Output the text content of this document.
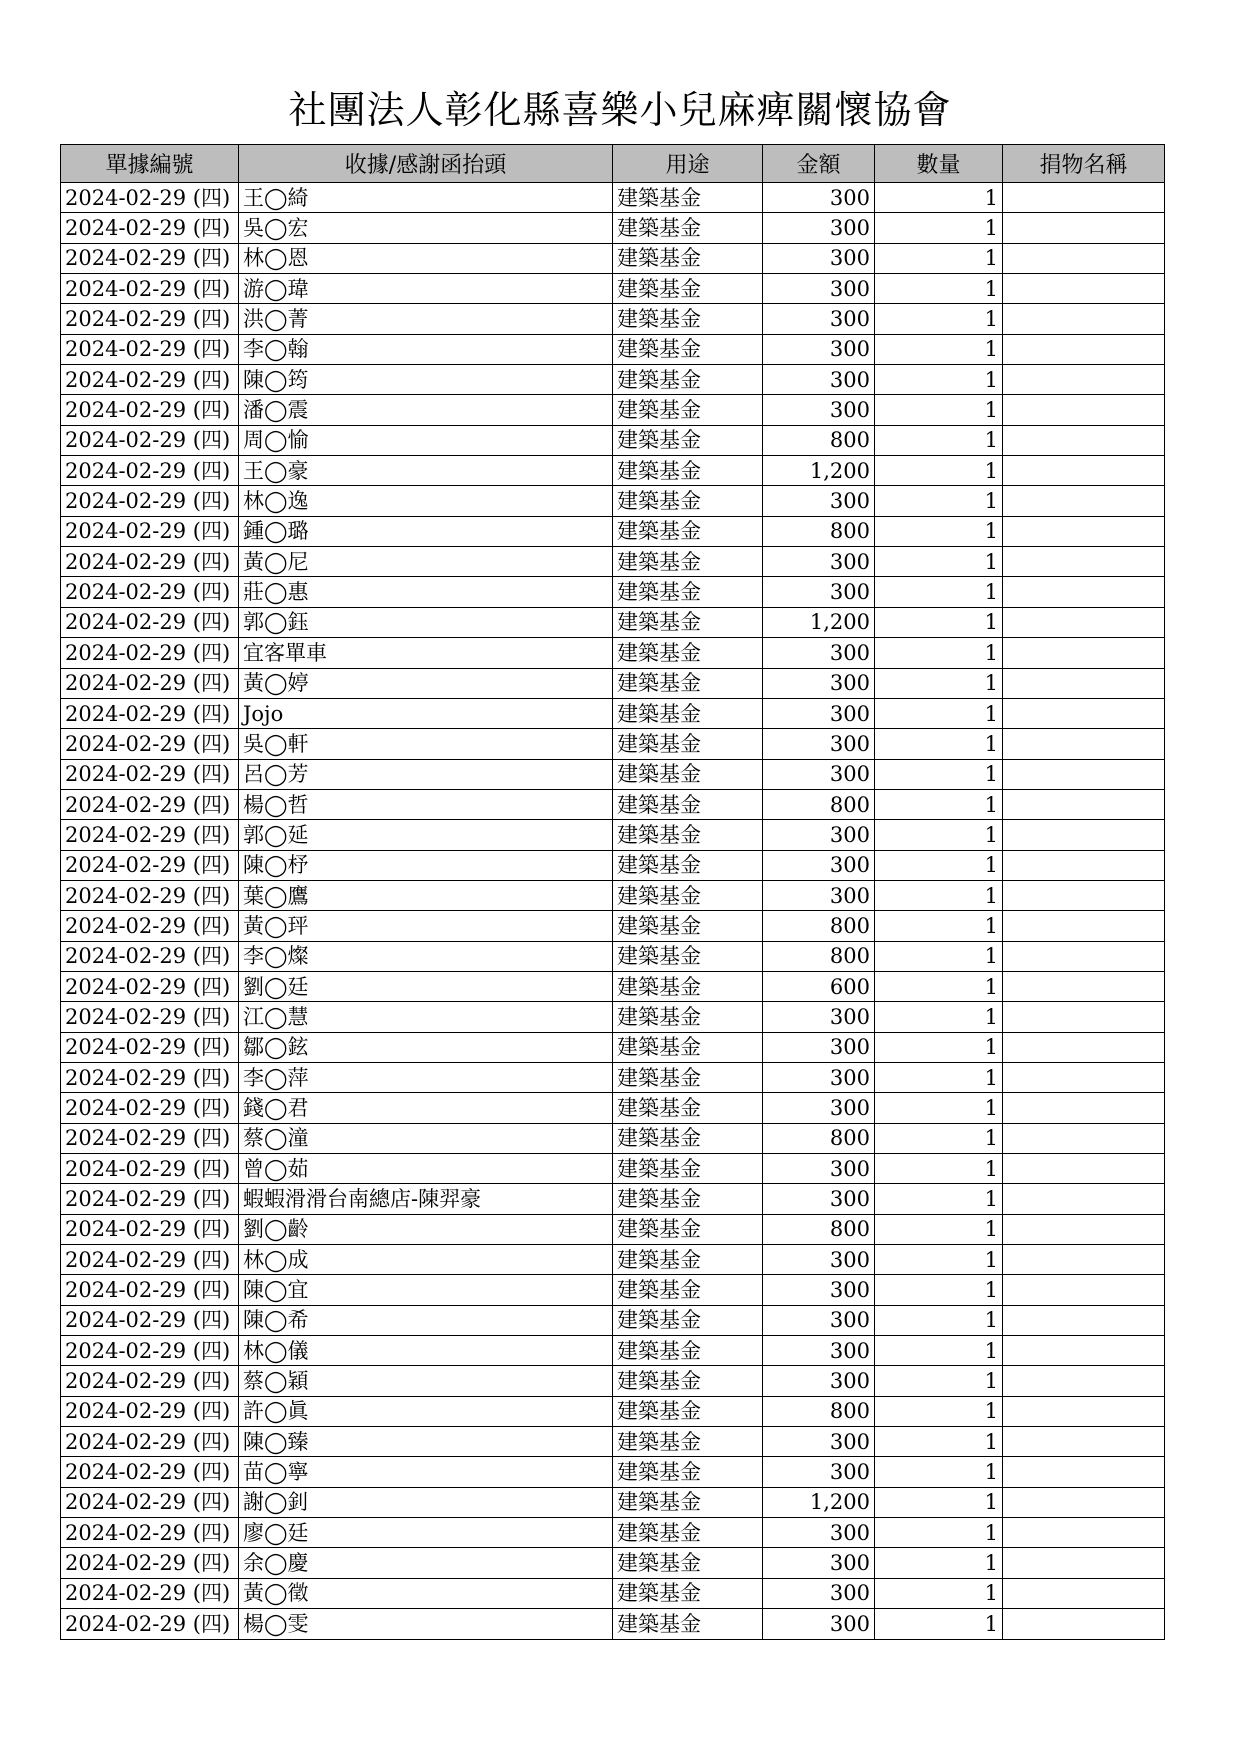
社團法人彰化縣喜樂小兒麻痺關懷協會
單據編號	收據/感謝函抬頭	用途	金額	數量	捐物名稱
2024-02-29 (四)	王◯綺	建築基金	300	1	
2024-02-29 (四)	吳◯宏	建築基金	300	1	
2024-02-29 (四)	林◯恩	建築基金	300	1	
2024-02-29 (四)	游◯瑋	建築基金	300	1	
2024-02-29 (四)	洪◯菁	建築基金	300	1	
2024-02-29 (四)	李◯翰	建築基金	300	1	
2024-02-29 (四)	陳◯筠	建築基金	300	1	
2024-02-29 (四)	潘◯震	建築基金	300	1	
2024-02-29 (四)	周◯愉	建築基金	800	1	
2024-02-29 (四)	王◯豪	建築基金	1,200	1	
2024-02-29 (四)	林◯逸	建築基金	300	1	
2024-02-29 (四)	鍾◯璐	建築基金	800	1	
2024-02-29 (四)	黃◯尼	建築基金	300	1	
2024-02-29 (四)	莊◯惠	建築基金	300	1	
2024-02-29 (四)	郭◯鈺	建築基金	1,200	1	
2024-02-29 (四)	宜客單車	建築基金	300	1	
2024-02-29 (四)	黃◯婷	建築基金	300	1	
2024-02-29 (四)	Jojo	建築基金	300	1	
2024-02-29 (四)	吳◯軒	建築基金	300	1	
2024-02-29 (四)	呂◯芳	建築基金	300	1	
2024-02-29 (四)	楊◯哲	建築基金	800	1	
2024-02-29 (四)	郭◯延	建築基金	300	1	
2024-02-29 (四)	陳◯杼	建築基金	300	1	
2024-02-29 (四)	葉◯鷹	建築基金	300	1	
2024-02-29 (四)	黃◯玶	建築基金	800	1	
2024-02-29 (四)	李◯燦	建築基金	800	1	
2024-02-29 (四)	劉◯廷	建築基金	600	1	
2024-02-29 (四)	江◯慧	建築基金	300	1	
2024-02-29 (四)	鄒◯鉉	建築基金	300	1	
2024-02-29 (四)	李◯萍	建築基金	300	1	
2024-02-29 (四)	錢◯君	建築基金	300	1	
2024-02-29 (四)	蔡◯潼	建築基金	800	1	
2024-02-29 (四)	曾◯茹	建築基金	300	1	
2024-02-29 (四)	蝦蝦滑滑台南總店-陳羿豪	建築基金	300	1	
2024-02-29 (四)	劉◯齡	建築基金	800	1	
2024-02-29 (四)	林◯成	建築基金	300	1	
2024-02-29 (四)	陳◯宜	建築基金	300	1	
2024-02-29 (四)	陳◯希	建築基金	300	1	
2024-02-29 (四)	林◯儀	建築基金	300	1	
2024-02-29 (四)	蔡◯穎	建築基金	300	1	
2024-02-29 (四)	許◯眞	建築基金	800	1	
2024-02-29 (四)	陳◯臻	建築基金	300	1	
2024-02-29 (四)	苗◯寧	建築基金	300	1	
2024-02-29 (四)	謝◯釗	建築基金	1,200	1	
2024-02-29 (四)	廖◯廷	建築基金	300	1	
2024-02-29 (四)	余◯慶	建築基金	300	1	
2024-02-29 (四)	黃◯徵	建築基金	300	1	
2024-02-29 (四)	楊◯雯	建築基金	300	1	
